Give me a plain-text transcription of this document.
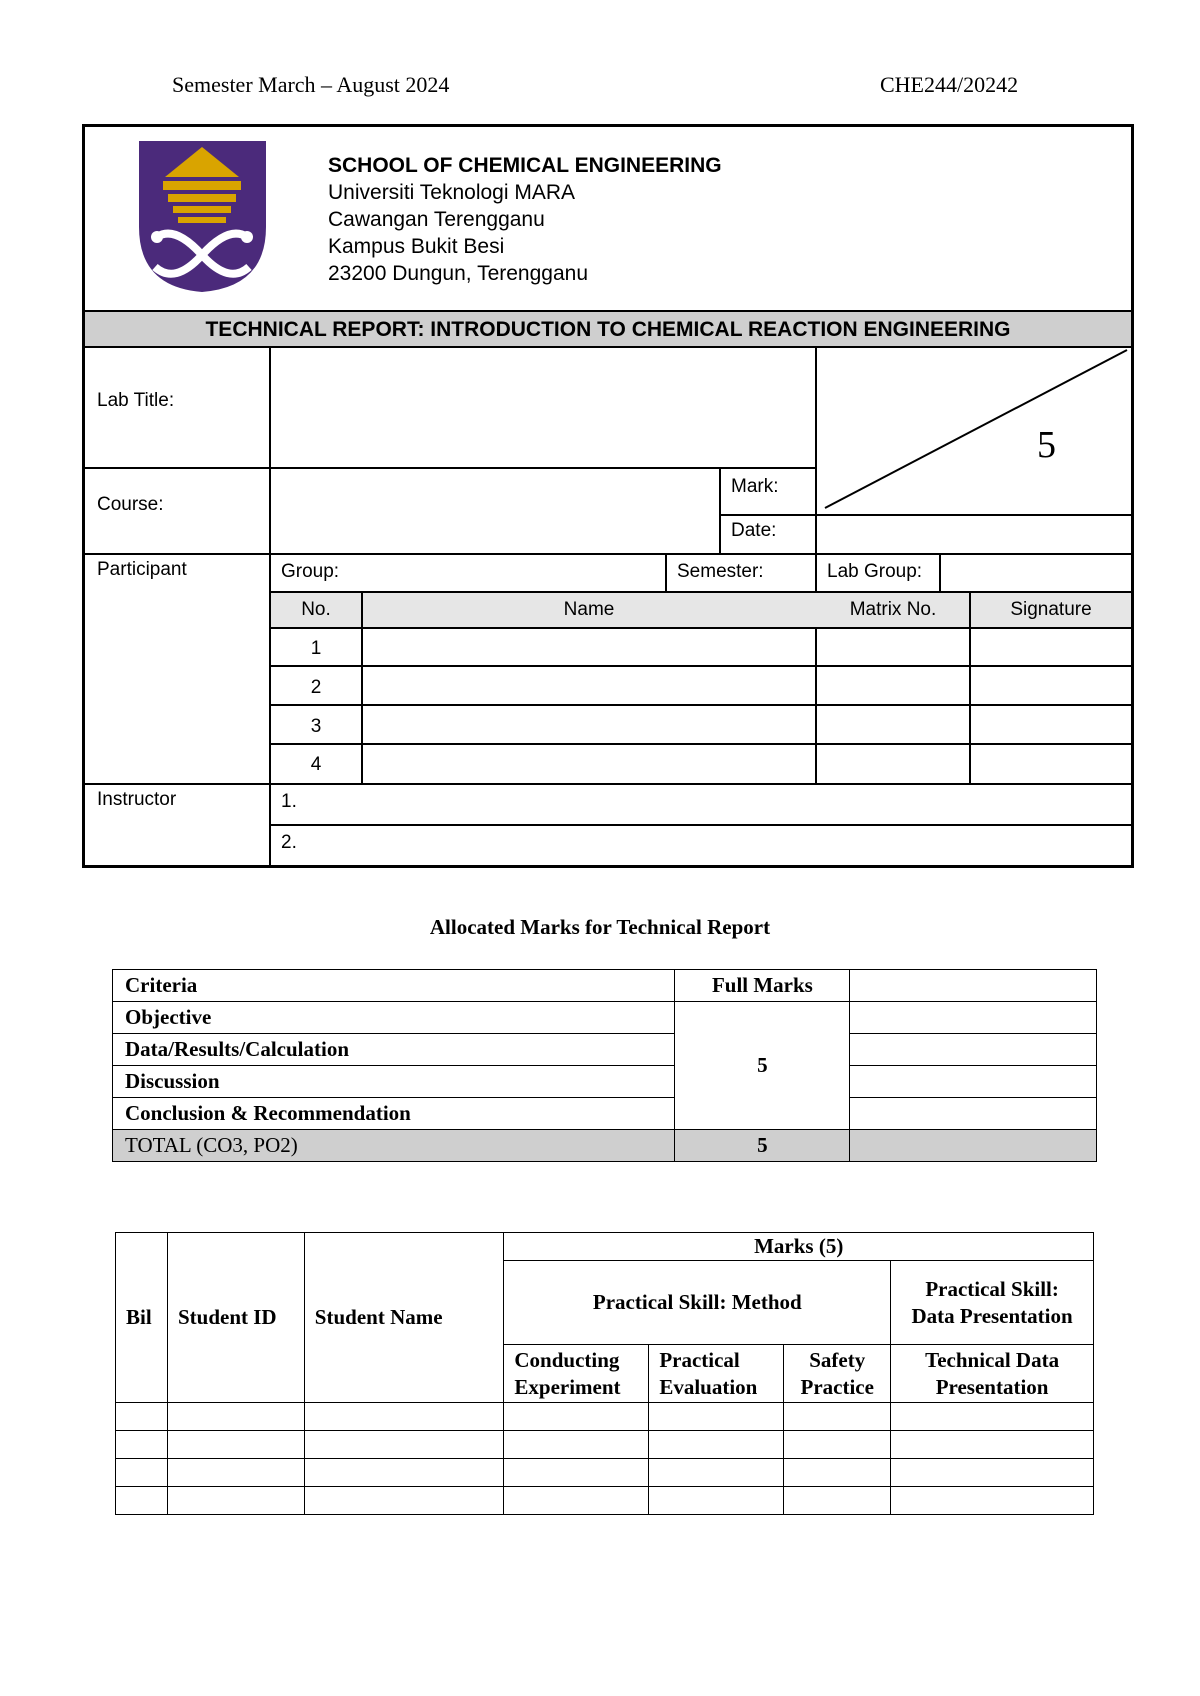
Semester March – August 2024	CHE244/20242
SCHOOL OF CHEMICAL ENGINEERING
Universiti Teknologi MARA
Cawangan Terengganu
Kampus Bukit Besi
23200 Dungun, Terengganu
TECHNICAL REPORT: INTRODUCTION TO CHEMICAL REACTION ENGINEERING
Lab Title:
Course:
Mark:
Date:
5
Participant	Group:	Semester:	Lab Group:
No.	Name	Matrix No.	Signature
1
2
3
4
Instructor	1.
2.
Allocated Marks for Technical Report
Criteria	Full Marks	
Objective	5	
Data/Results/Calculation		
Discussion		
Conclusion & Recommendation		
TOTAL (CO3, PO2)	5	
Bil	Student ID	Student Name	Marks (5)			
			Practical Skill: Method			Practical Skill: Data Presentation
			Conducting Experiment	Practical Evaluation	Safety Practice	Technical Data Presentation
